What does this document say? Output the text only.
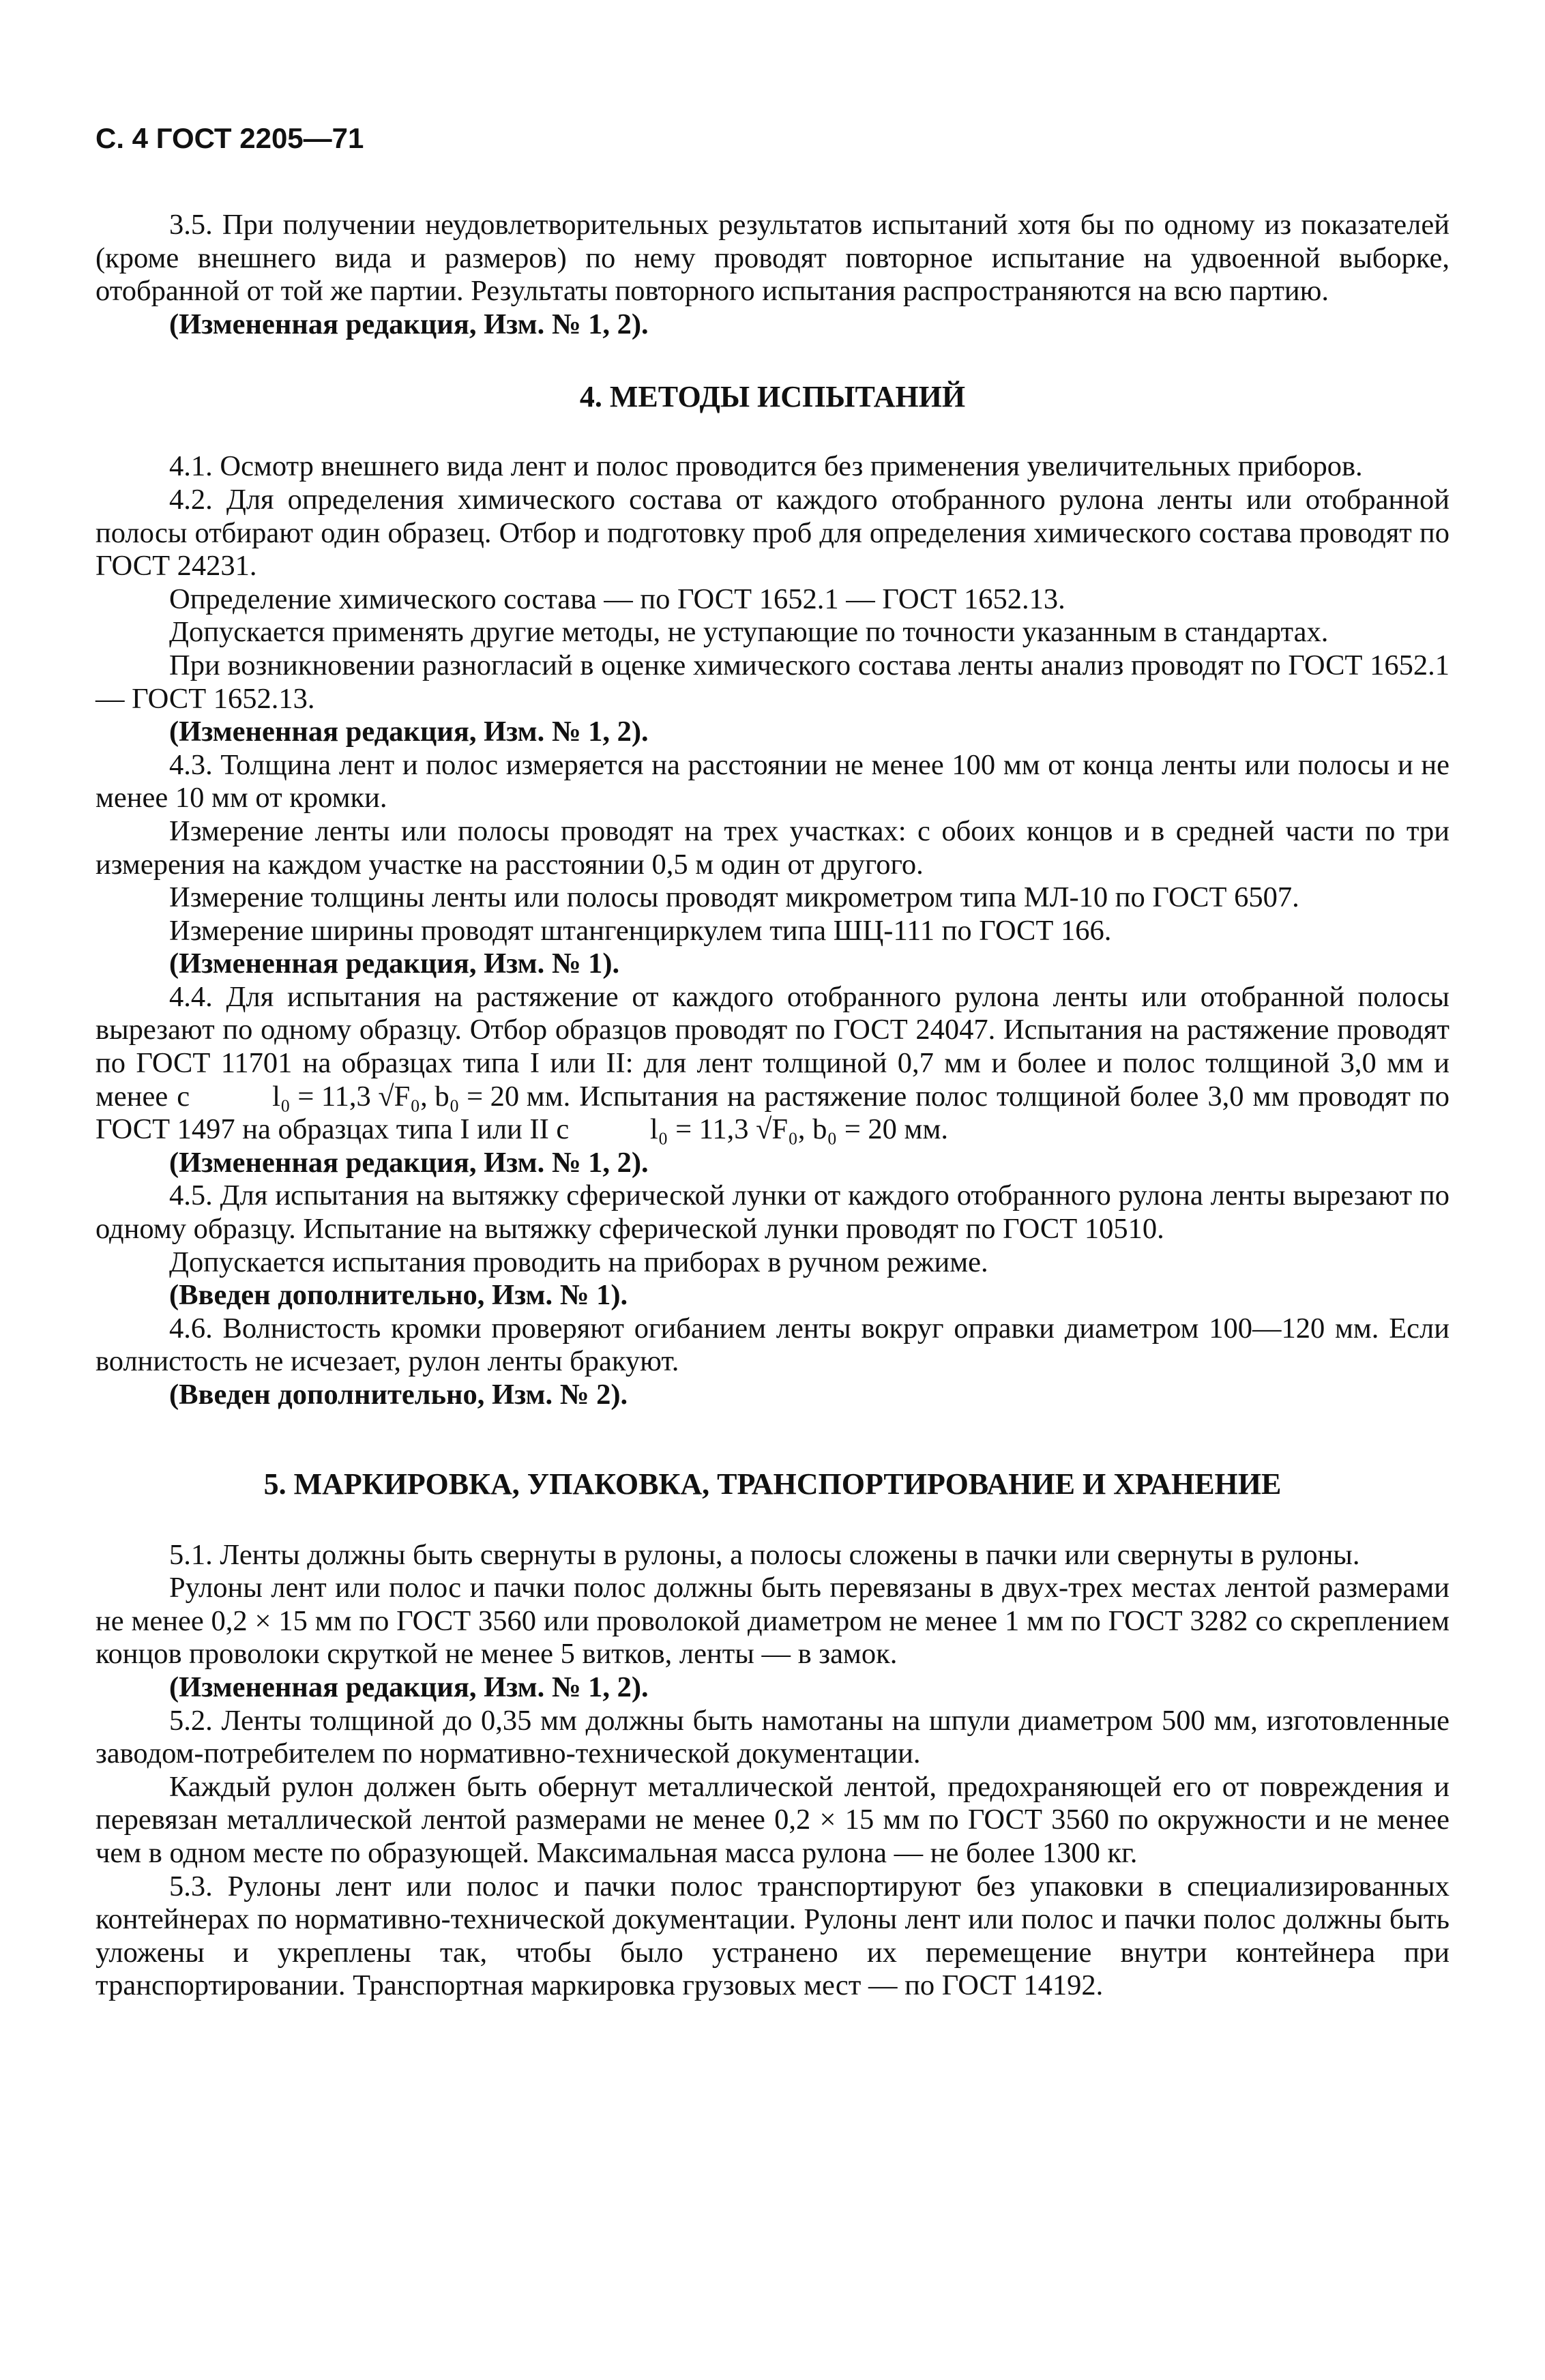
С. 4 ГОСТ 2205—71

3.5. При получении неудовлетворительных результатов испытаний хотя бы по одному из показателей (кроме внешнего вида и размеров) по нему проводят повторное испытание на удвоенной выборке, отобранной от той же партии. Результаты повторного испытания распространяются на всю партию.

(Измененная редакция, Изм. № 1, 2).

4. МЕТОДЫ ИСПЫТАНИЙ

4.1. Осмотр внешнего вида лент и полос проводится без применения увеличительных приборов.

4.2. Для определения химического состава от каждого отобранного рулона ленты или отобранной полосы отбирают один образец. Отбор и подготовку проб для определения химического состава проводят по ГОСТ 24231.

Определение химического состава — по ГОСТ 1652.1 — ГОСТ 1652.13.

Допускается применять другие методы, не уступающие по точности указанным в стандартах.

При возникновении разногласий в оценке химического состава ленты анализ проводят по ГОСТ 1652.1 — ГОСТ 1652.13.

(Измененная редакция, Изм. № 1, 2).

4.3. Толщина лент и полос измеряется на расстоянии не менее 100 мм от конца ленты или полосы и не менее 10 мм от кромки.

Измерение ленты или полосы проводят на трех участках: с обоих концов и в средней части по три измерения на каждом участке на расстоянии 0,5 м один от другого.

Измерение толщины ленты или полосы проводят микрометром типа МЛ-10 по ГОСТ 6507.

Измерение ширины проводят штангенциркулем типа ШЦ-111 по ГОСТ 166.

(Измененная редакция, Изм. № 1).

4.4. Для испытания на растяжение от каждого отобранного рулона ленты или отобранной полосы вырезают по одному образцу. Отбор образцов проводят по ГОСТ 24047. Испытания на растяжение проводят по ГОСТ 11701 на образцах типа I или II: для лент толщиной 0,7 мм и более и полос толщиной 3,0 мм и менее с	l₀ = 11,3 √F₀, b₀ = 20 мм. Испытания на растяжение полос толщиной более 3,0 мм проводят по ГОСТ 1497 на образцах типа I или II с	l₀ = 11,3 √F₀, b₀ = 20 мм.

(Измененная редакция, Изм. № 1, 2).

4.5. Для испытания на вытяжку сферической лунки от каждого отобранного рулона ленты вырезают по одному образцу. Испытание на вытяжку сферической лунки проводят по ГОСТ 10510.

Допускается испытания проводить на приборах в ручном режиме.

(Введен дополнительно, Изм. № 1).

4.6. Волнистость кромки проверяют огибанием ленты вокруг оправки диаметром 100—120 мм. Если волнистость не исчезает, рулон ленты бракуют.

(Введен дополнительно, Изм. № 2).

5. МАРКИРОВКА, УПАКОВКА, ТРАНСПОРТИРОВАНИЕ И ХРАНЕНИЕ

5.1. Ленты должны быть свернуты в рулоны, а полосы сложены в пачки или свернуты в рулоны.

Рулоны лент или полос и пачки полос должны быть перевязаны в двух-трех местах лентой размерами не менее 0,2 × 15 мм по ГОСТ 3560 или проволокой диаметром не менее 1 мм по ГОСТ 3282 со скреплением концов проволоки скруткой не менее 5 витков, ленты — в замок.

(Измененная редакция, Изм. № 1, 2).

5.2. Ленты толщиной до 0,35 мм должны быть намотаны на шпули диаметром 500 мм, изготовленные заводом-потребителем по нормативно-технической документации.

Каждый рулон должен быть обернут металлической лентой, предохраняющей его от повреждения и перевязан металлической лентой размерами не менее 0,2 × 15 мм по ГОСТ 3560 по окружности и не менее чем в одном месте по образующей. Максимальная масса рулона — не более 1300 кг.

5.3. Рулоны лент или полос и пачки полос транспортируют без упаковки в специализированных контейнерах по нормативно-технической документации. Рулоны лент или полос и пачки полос должны быть уложены и укреплены так, чтобы было устранено их перемещение внутри контейнера при транспортировании. Транспортная маркировка грузовых мест — по ГОСТ 14192.
